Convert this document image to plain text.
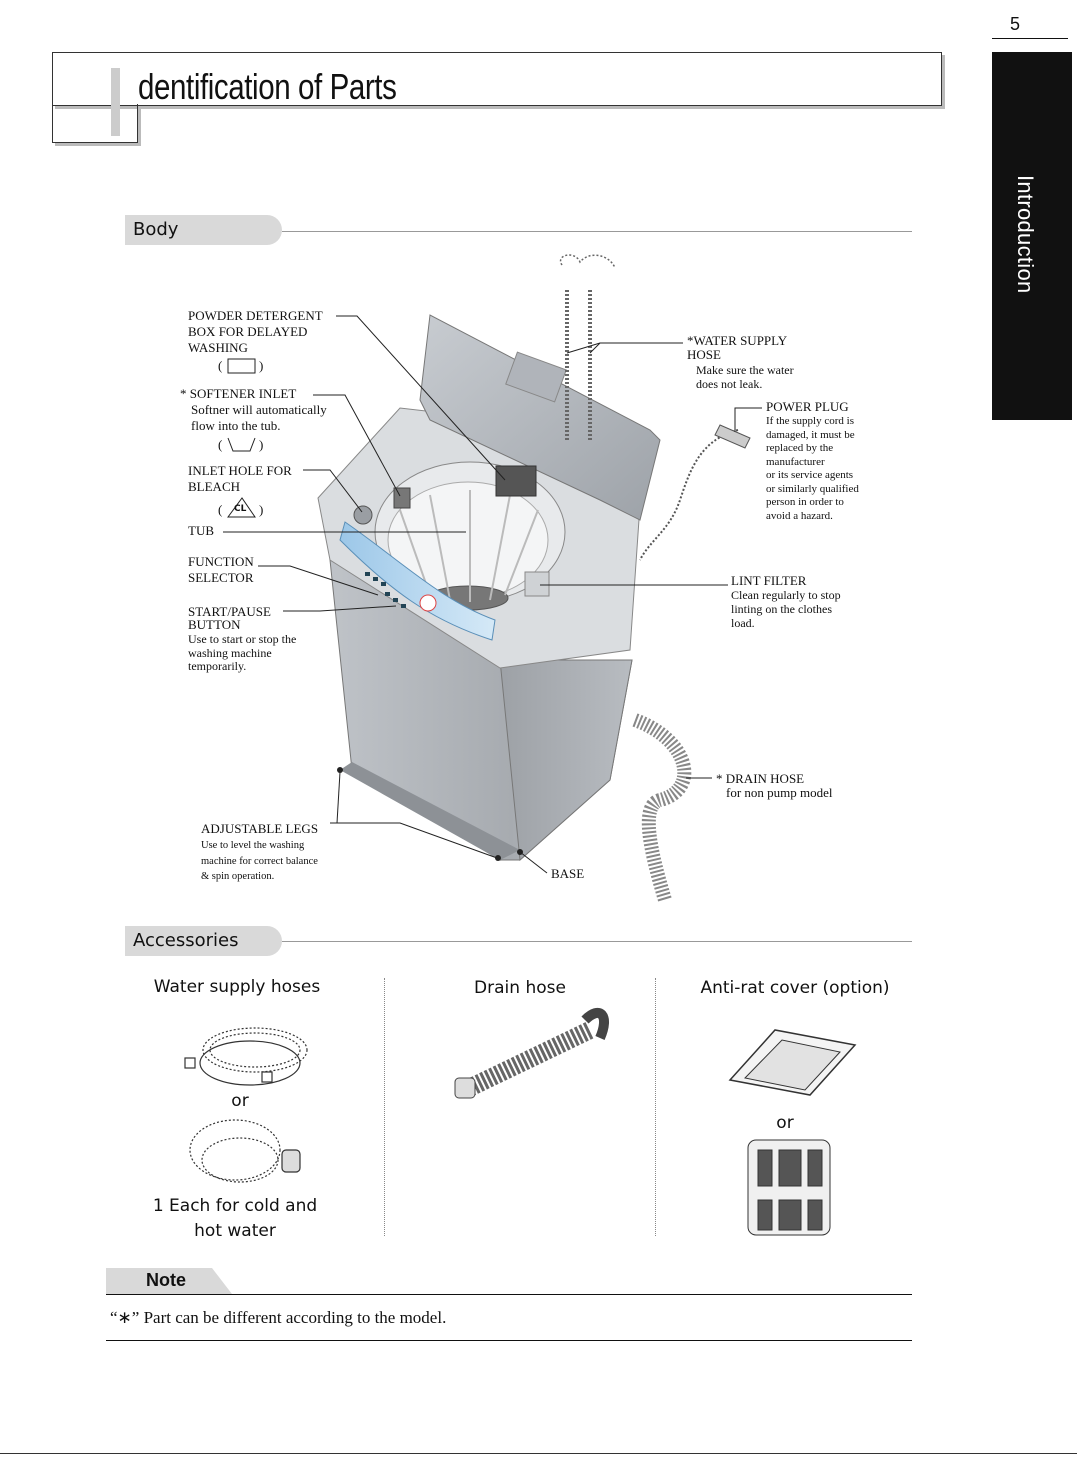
dentification of Parts
5
Introduction
Body
POWDER DETERGENT
BOX FOR DELAYED
WASHING
(	)
* SOFTENER INLET
Softner will automatically
flow into the tub.
(	)
INLET HOLE FOR
BLEACH
( CL )
TUB
FUNCTION
SELECTOR
START/PAUSE
BUTTON
Use to start or stop the
washing machine
temporarily.
ADJUSTABLE LEGS
Use to level the washing
machine for correct balance
& spin operation.	BASE
*WATER SUPPLY
HOSE
Make sure the water
does not leak.
POWER PLUG
If the supply cord is
damaged, it must be
replaced by the
manufacturer
or its service agents
or similarly qualified
person in order to
avoid a hazard.
LINT FILTER
Clean regularly to stop
linting on the clothes
load.
* DRAIN HOSE
for non pump model
Accessories
Water supply hoses	Drain hose	Anti-rat cover (option)
or
1 Each for cold and
hot water
or
Note
“∗” Part can be different according to the model.
